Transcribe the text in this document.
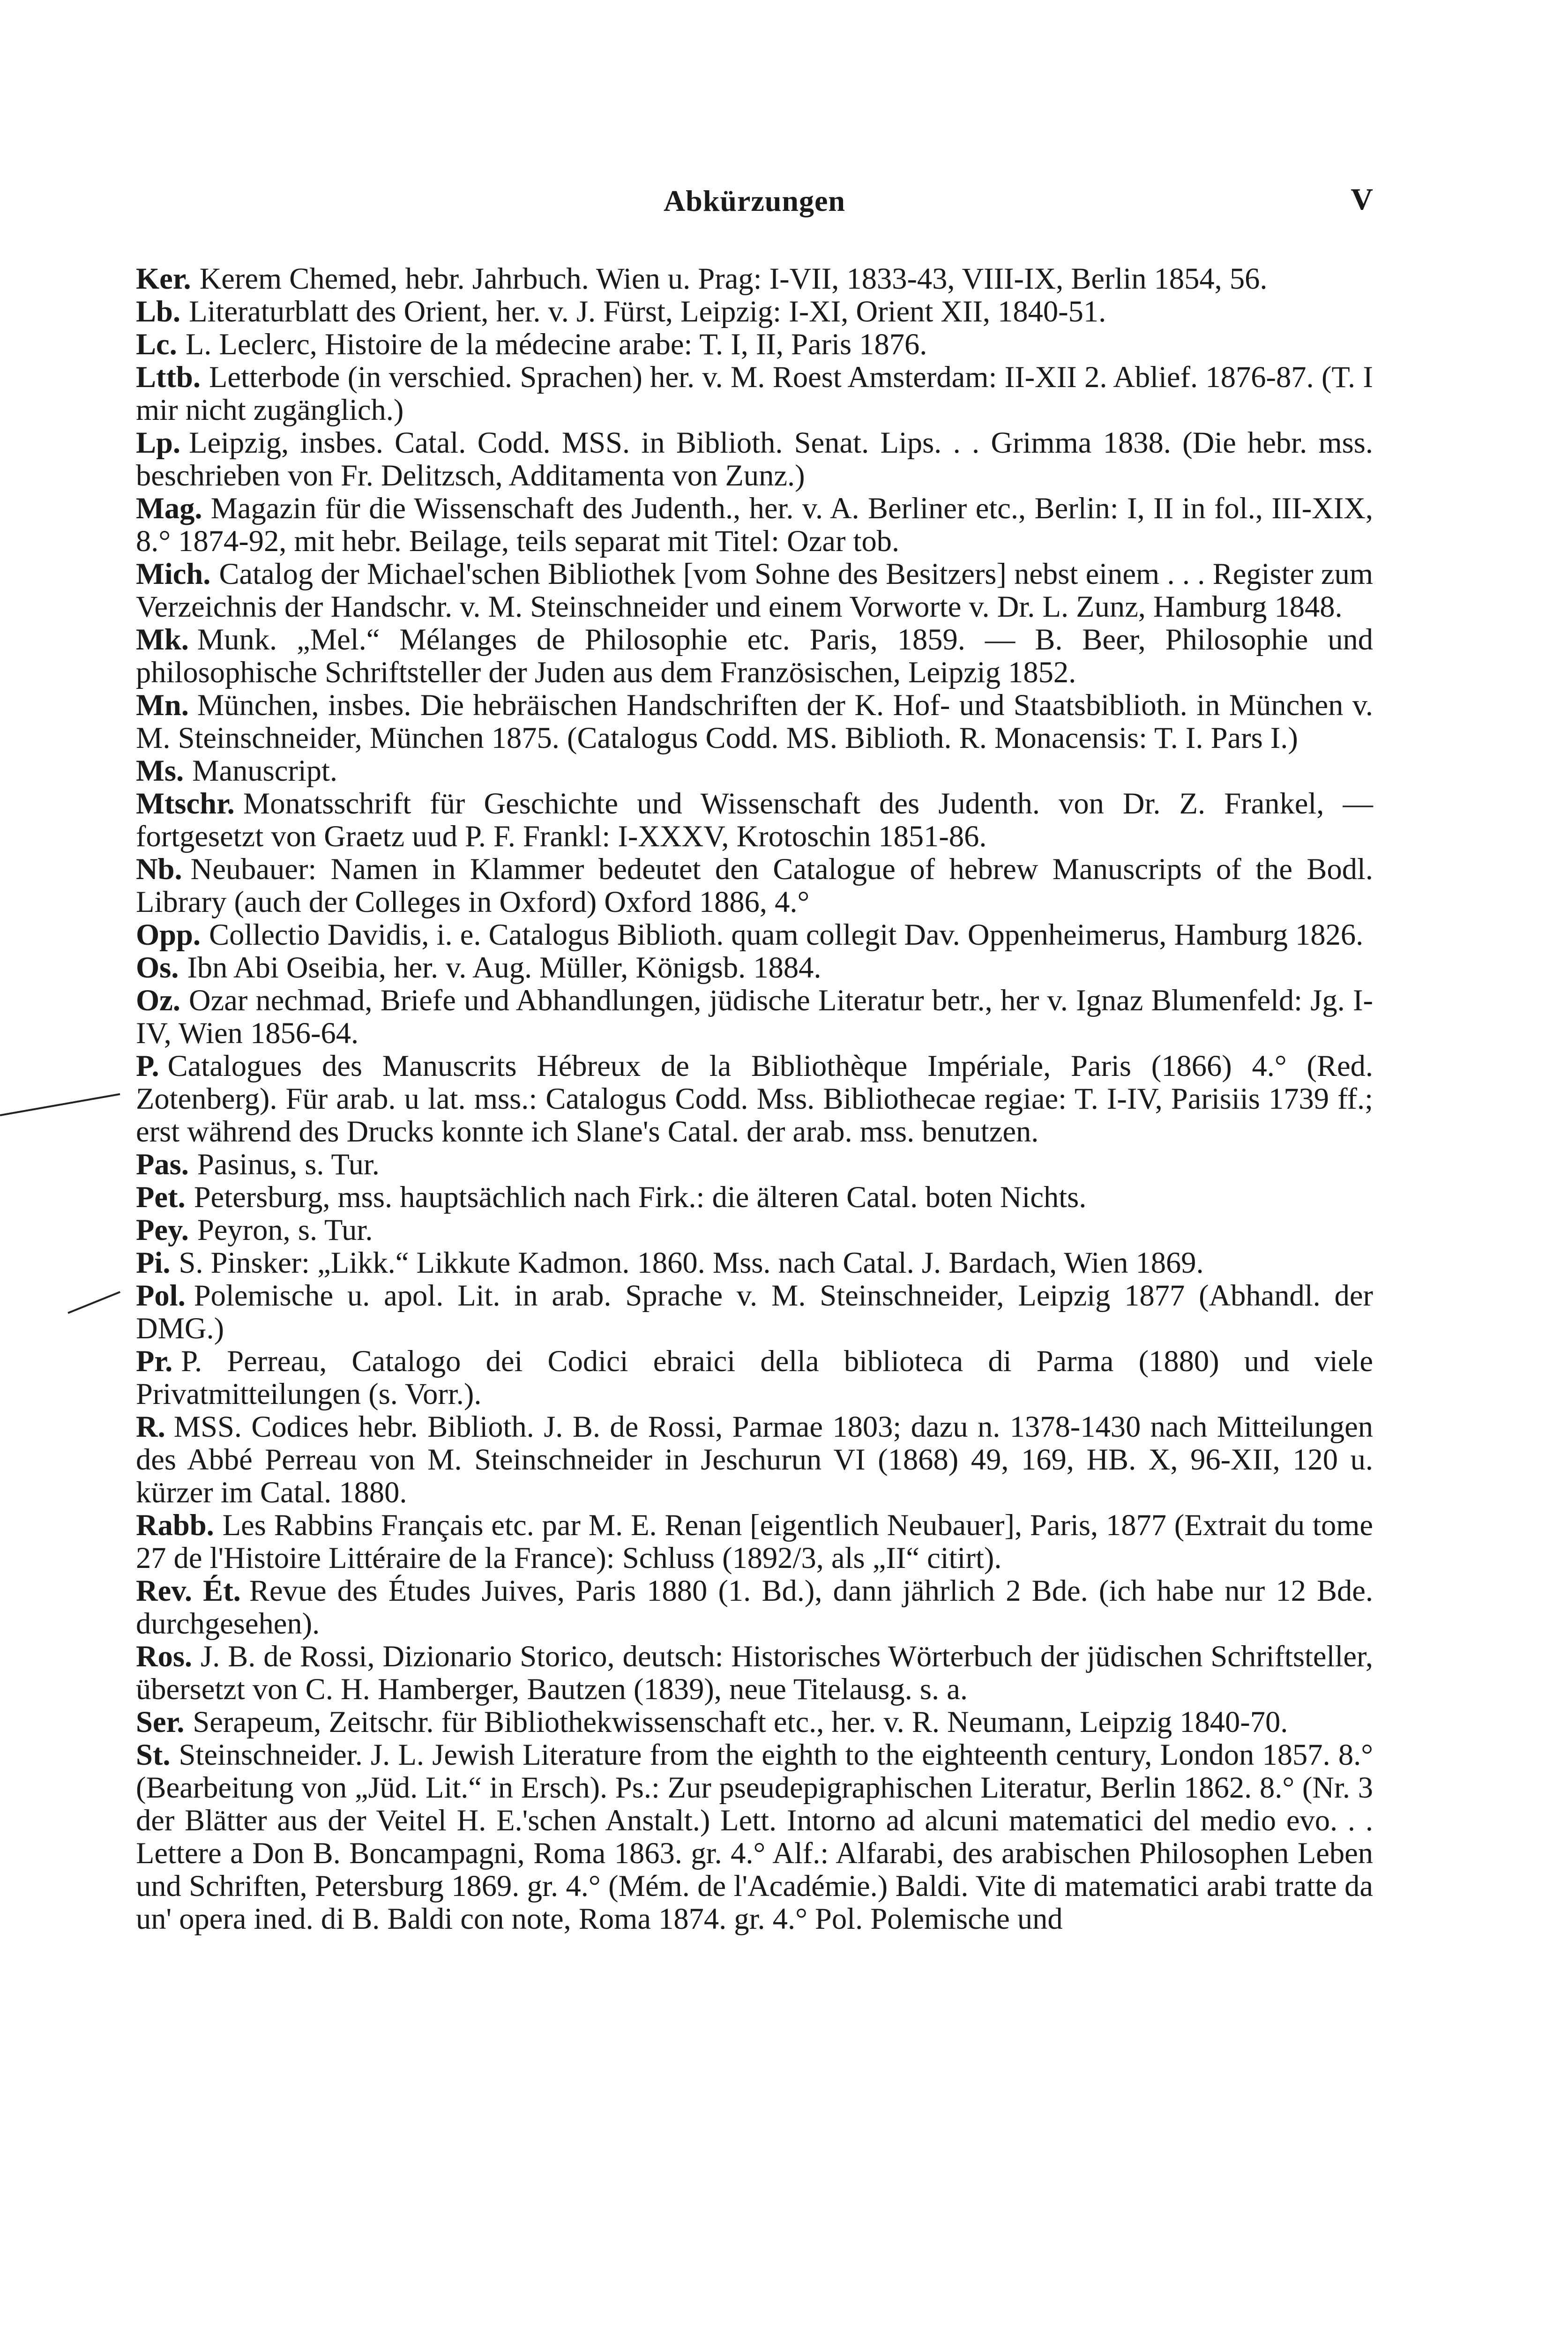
Abkürzungen	V

Ker. Kerem Chemed, hebr. Jahrbuch. Wien u. Prag: I-VII, 1833-43, VIII-IX, Berlin 1854, 56.

Lb. Literaturblatt des Orient, her. v. J. Fürst, Leipzig: I-XI, Orient XII, 1840-51.

Lc. L. Leclerc, Histoire de la médecine arabe: T. I, II, Paris 1876.

Lttb. Letterbode (in verschied. Sprachen) her. v. M. Roest Amsterdam: II-XII 2. Ablief. 1876-87. (T. I mir nicht zugänglich.)

Lp. Leipzig, insbes. Catal. Codd. MSS. in Biblioth. Senat. Lips. . . Grimma 1838. (Die hebr. mss. beschrieben von Fr. Delitzsch, Additamenta von Zunz.)

Mag. Magazin für die Wissenschaft des Judenth., her. v. A. Berliner etc., Berlin: I, II in fol., III-XIX, 8.° 1874-92, mit hebr. Beilage, teils separat mit Titel: Ozar tob.

Mich. Catalog der Michael'schen Bibliothek [vom Sohne des Besitzers] nebst einem . . . Register zum Verzeichnis der Handschr. v. M. Steinschneider und einem Vorworte v. Dr. L. Zunz, Hamburg 1848.

Mk. Munk. „Mel.“ Mélanges de Philosophie etc. Paris, 1859. — B. Beer, Philosophie und philosophische Schriftsteller der Juden aus dem Französischen, Leipzig 1852.

Mn. München, insbes. Die hebräischen Handschriften der K. Hof- und Staatsbiblioth. in München v. M. Steinschneider, München 1875. (Catalogus Codd. MS. Biblioth. R. Monacensis: T. I. Pars I.)

Ms. Manuscript.

Mtschr. Monatsschrift für Geschichte und Wissenschaft des Judenth. von Dr. Z. Frankel, — fortgesetzt von Graetz uud P. F. Frankl: I-XXXV, Krotoschin 1851-86.

Nb. Neubauer: Namen in Klammer bedeutet den Catalogue of hebrew Manuscripts of the Bodl. Library (auch der Colleges in Oxford) Oxford 1886, 4.°

Opp. Collectio Davidis, i. e. Catalogus Biblioth. quam collegit Dav. Oppenheimerus, Hamburg 1826.

Os. Ibn Abi Oseibia, her. v. Aug. Müller, Königsb. 1884.

Oz. Ozar nechmad, Briefe und Abhandlungen, jüdische Literatur betr., her v. Ignaz Blumenfeld: Jg. I-IV, Wien 1856-64.

P. Catalogues des Manuscrits Hébreux de la Bibliothèque Impériale, Paris (1866) 4.° (Red. Zotenberg). Für arab. u lat. mss.: Catalogus Codd. Mss. Bibliothecae regiae: T. I-IV, Parisiis 1739 ff.; erst während des Drucks konnte ich Slane's Catal. der arab. mss. benutzen.

Pas. Pasinus, s. Tur.

Pet. Petersburg, mss. hauptsächlich nach Firk.: die älteren Catal. boten Nichts.

Pey. Peyron, s. Tur.

Pi. S. Pinsker: „Likk.“ Likkute Kadmon. 1860. Mss. nach Catal. J. Bardach, Wien 1869.

Pol. Polemische u. apol. Lit. in arab. Sprache v. M. Steinschneider, Leipzig 1877 (Abhandl. der DMG.)

Pr. P. Perreau, Catalogo dei Codici ebraici della biblioteca di Parma (1880) und viele Privatmitteilungen (s. Vorr.).

R. MSS. Codices hebr. Biblioth. J. B. de Rossi, Parmae 1803; dazu n. 1378-1430 nach Mitteilungen des Abbé Perreau von M. Steinschneider in Jeschurun VI (1868) 49, 169, HB. X, 96-XII, 120 u. kürzer im Catal. 1880.

Rabb. Les Rabbins Français etc. par M. E. Renan [eigentlich Neubauer], Paris, 1877 (Extrait du tome 27 de l'Histoire Littéraire de la France): Schluss (1892/3, als „II“ citirt).

Rev. Ét. Revue des Études Juives, Paris 1880 (1. Bd.), dann jährlich 2 Bde. (ich habe nur 12 Bde. durchgesehen).

Ros. J. B. de Rossi, Dizionario Storico, deutsch: Historisches Wörterbuch der jüdischen Schriftsteller, übersetzt von C. H. Hamberger, Bautzen (1839), neue Titelausg. s. a.

Ser. Serapeum, Zeitschr. für Bibliothekwissenschaft etc., her. v. R. Neumann, Leipzig 1840-70.

St. Steinschneider. J. L. Jewish Literature from the eighth to the eighteenth century, London 1857. 8.° (Bearbeitung von „Jüd. Lit.“ in Ersch). Ps.: Zur pseudepigraphischen Literatur, Berlin 1862. 8.° (Nr. 3 der Blätter aus der Veitel H. E.'schen Anstalt.) Lett. Intorno ad alcuni matematici del medio evo. . . Lettere a Don B. Boncampagni, Roma 1863. gr. 4.° Alf.: Alfarabi, des arabischen Philosophen Leben und Schriften, Petersburg 1869. gr. 4.° (Mém. de l'Académie.) Baldi. Vite di matematici arabi tratte da un' opera ined. di B. Baldi con note, Roma 1874. gr. 4.° Pol. Polemische und
